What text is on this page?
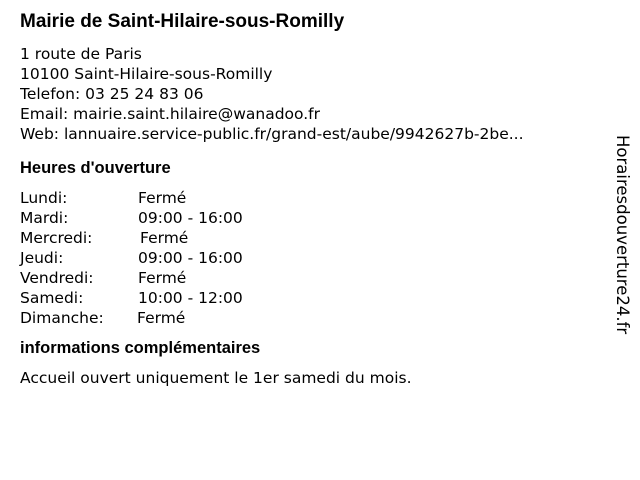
Mairie de Saint-Hilaire-sous-Romilly
1 route de Paris
10100 Saint-Hilaire-sous-Romilly
Telefon: 03 25 24 83 06
Email: mairie.saint.hilaire@wanadoo.fr
Web: lannuaire.service-public.fr/grand-est/aube/9942627b-2be...
Heures d'ouverture
Lundi:	Fermé
Mardi:	09:00 - 16:00
Mercredi:	Fermé
Jeudi:	09:00 - 16:00
Vendredi:	Fermé
Samedi:	10:00 - 12:00
Dimanche: Fermé
informations complémentaires
Accueil ouvert uniquement le 1er samedi du mois.
Horairesdouverture24.fr
